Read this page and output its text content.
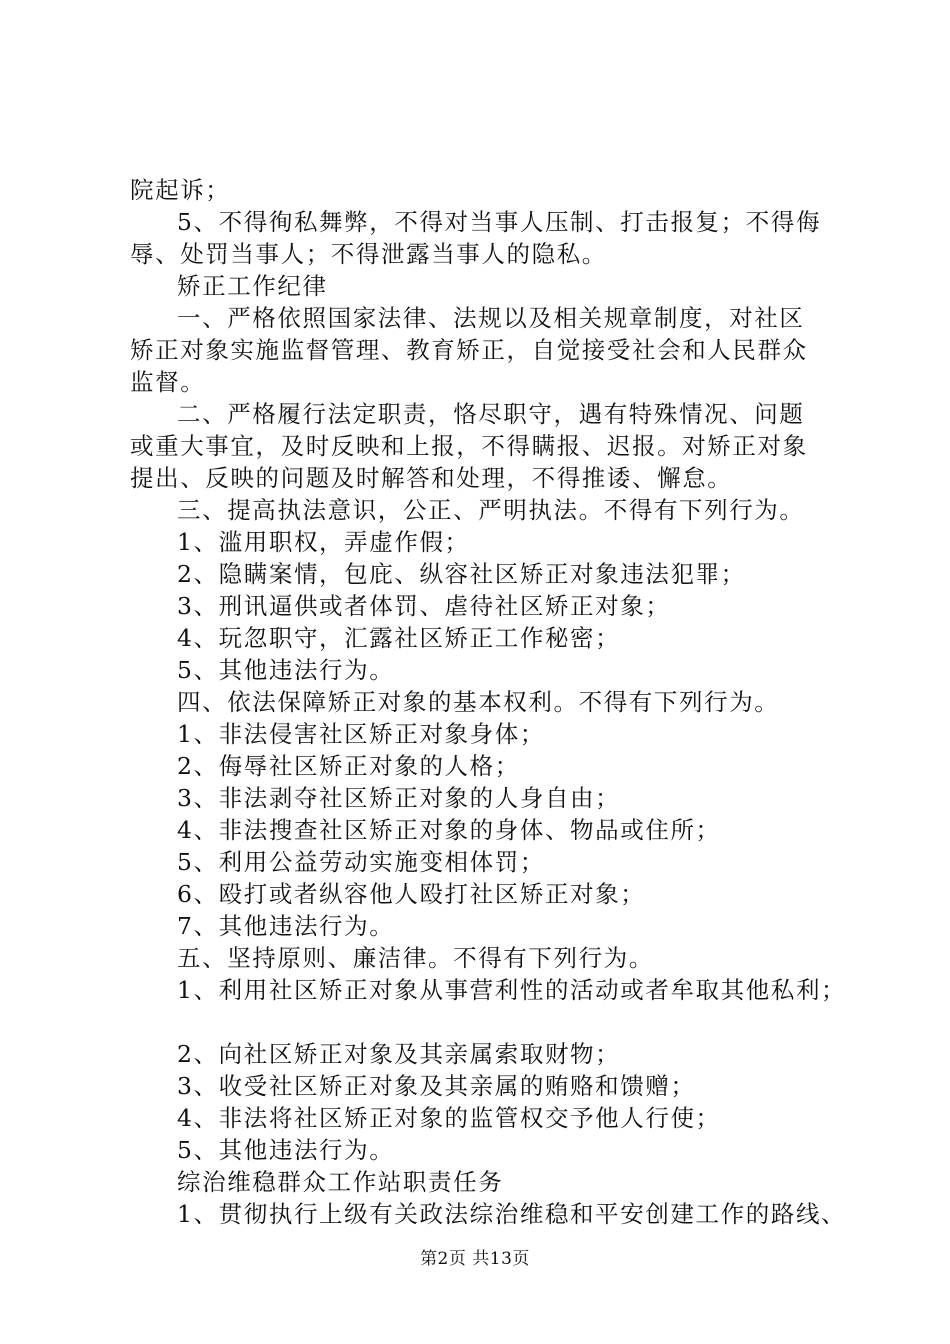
院起诉；
5、不得徇私舞弊，不得对当事人压制、打击报复；不得侮
辱、处罚当事人；不得泄露当事人的隐私。
矫正工作纪律
一、严格依照国家法律、法规以及相关规章制度，对社区
矫正对象实施监督管理、教育矫正，自觉接受社会和人民群众
监督。
二、严格履行法定职责，恪尽职守，遇有特殊情况、问题
或重大事宜，及时反映和上报，不得瞒报、迟报。对矫正对象
提出、反映的问题及时解答和处理，不得推诿、懈怠。
三、提高执法意识，公正、严明执法。不得有下列行为。
1、滥用职权，弄虚作假；
2、隐瞒案情，包庇、纵容社区矫正对象违法犯罪；
3、刑讯逼供或者体罚、虐待社区矫正对象；
4、玩忽职守，汇露社区矫正工作秘密；
5、其他违法行为。
四、依法保障矫正对象的基本权利。不得有下列行为。
1、非法侵害社区矫正对象身体；
2、侮辱社区矫正对象的人格；
3、非法剥夺社区矫正对象的人身自由；
4、非法搜查社区矫正对象的身体、物品或住所；
5、利用公益劳动实施变相体罚；
6、殴打或者纵容他人殴打社区矫正对象；
7、其他违法行为。
五、坚持原则、廉洁律。不得有下列行为。
1、利用社区矫正对象从事营利性的活动或者牟取其他私利；
2、向社区矫正对象及其亲属索取财物；
3、收受社区矫正对象及其亲属的贿赂和馈赠；
4、非法将社区矫正对象的监管权交予他人行使；
5、其他违法行为。
综治维稳群众工作站职责任务
1、贯彻执行上级有关政法综治维稳和平安创建工作的路线、
第2页 共13页
